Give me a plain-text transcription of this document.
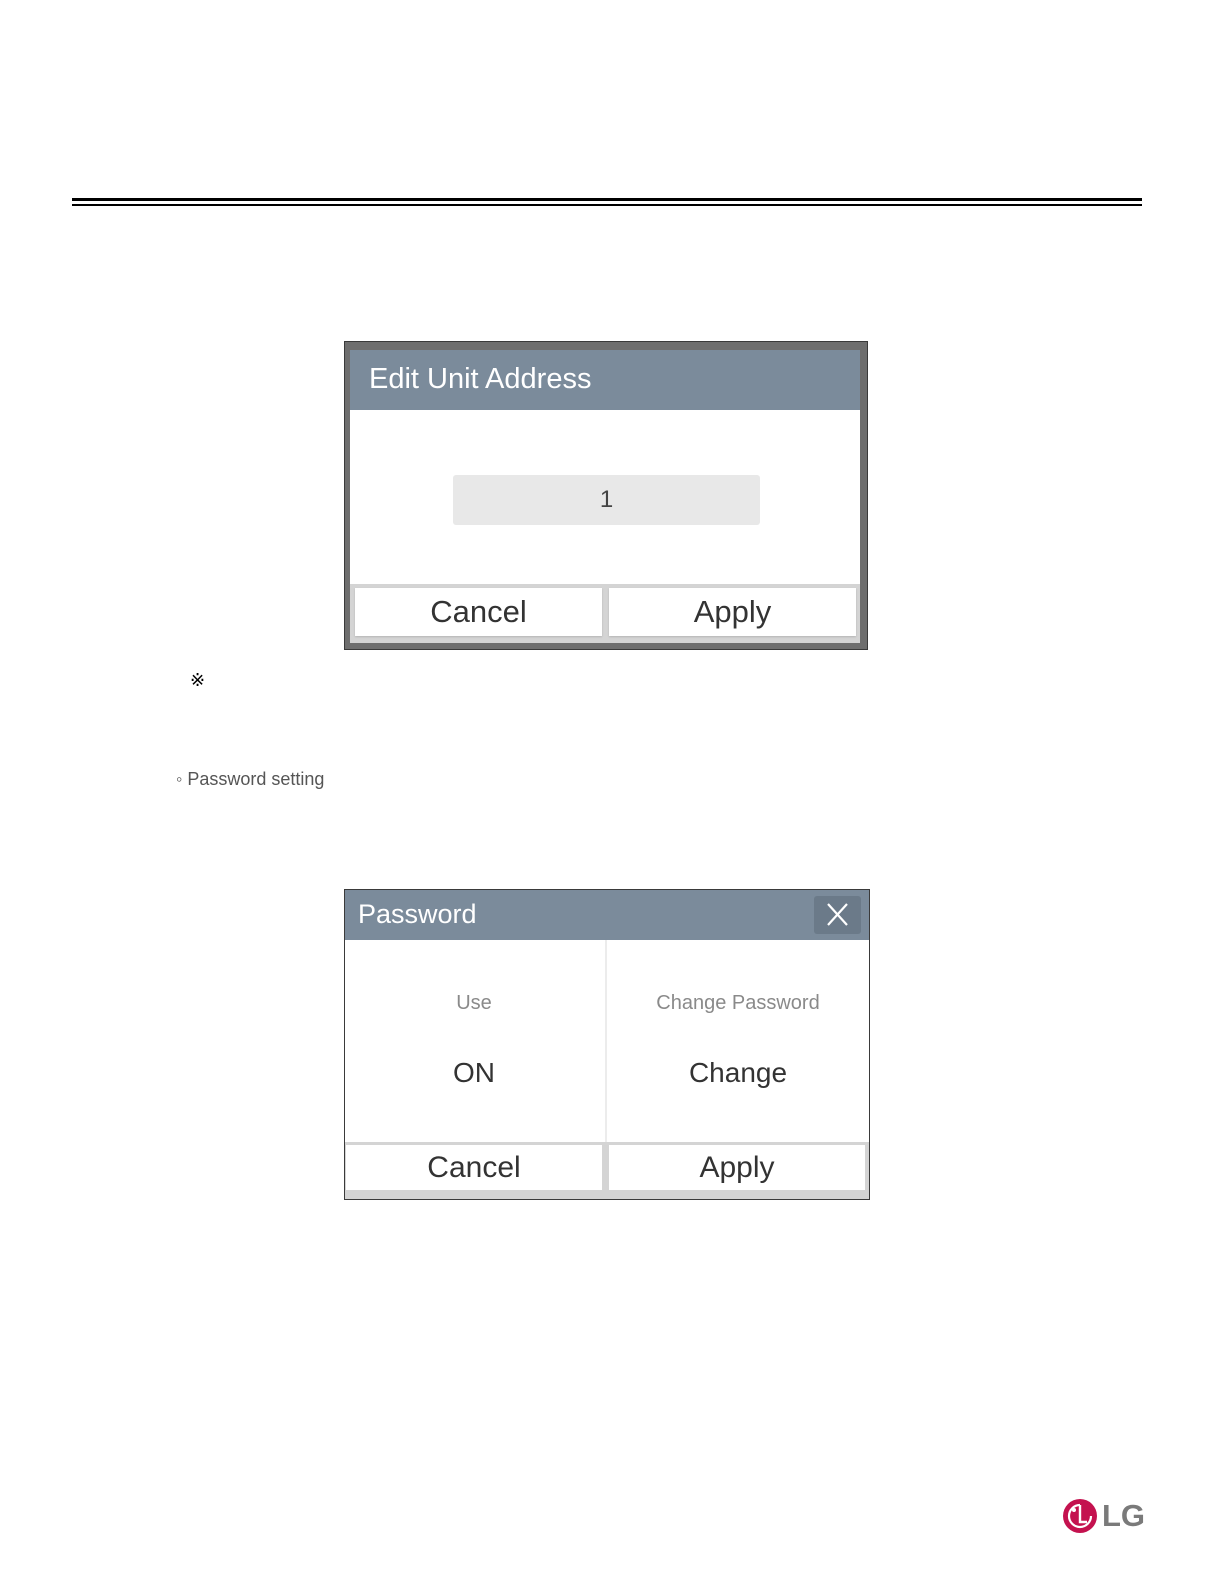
Edit Unit Address
1
Cancel	Apply
※
◦ Password setting
Password
Use
ON
Change Password
Change
Cancel	Apply
LG
